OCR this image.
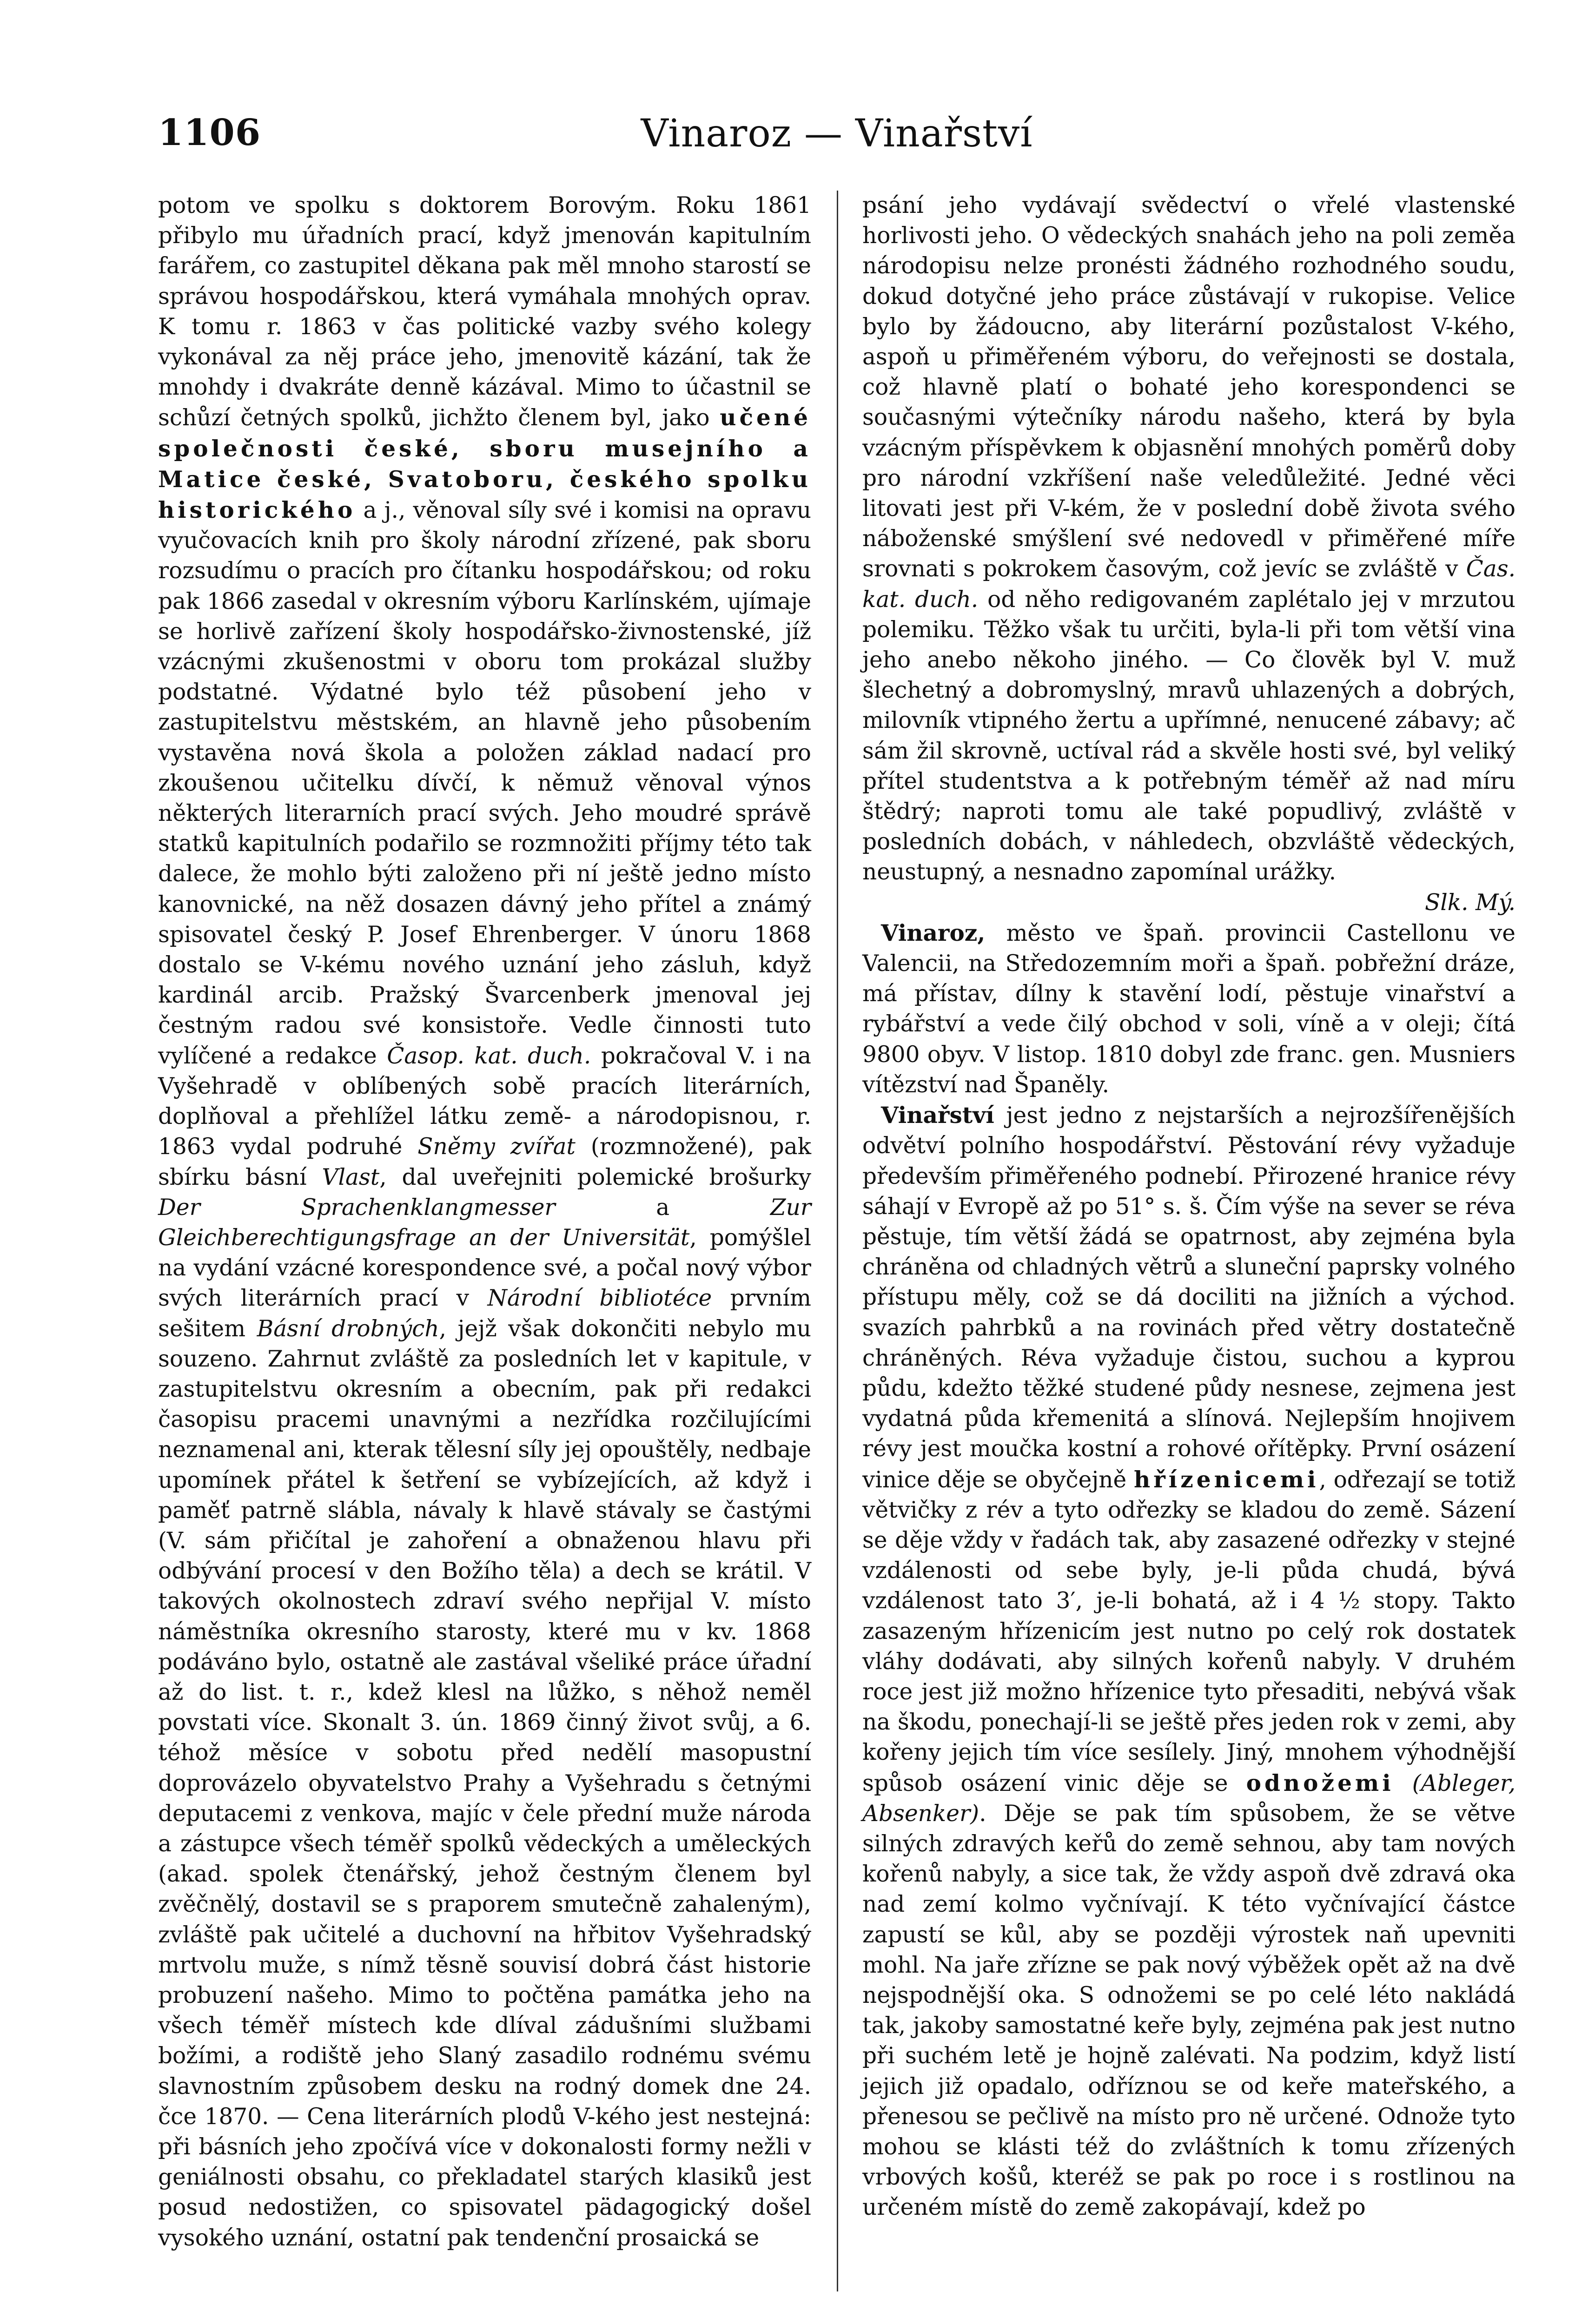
1106	Vinaroz — Vinařství

potom ve spolku s doktorem Borovým. Roku 1861 přibylo mu úřadních prací, když jmenován kapitulním farářem, co zastupitel děkana pak měl mnoho starostí se správou hospodářskou, která vymáhala mnohých oprav. K tomu r. 1863 v čas politické vazby svého kolegy vykonával za něj práce jeho, jmenovitě kázání, tak že mnohdy i dvakráte denně kázával. Mimo to účastnil se schůzí četných spolků, jichžto členem byl, jako učené společnosti české, sboru musejního a Matice české, Svatoboru, českého spolku historického a j., věnoval síly své i komisi na opravu vyučovacích knih pro školy národní zřízené, pak sboru rozsudímu o pracích pro čítanku hospodářskou; od roku pak 1866 zasedal v okresním výboru Karlínském, ujímaje se horlivě zařízení školy hospodářsko-živnostenské, jíž vzácnými zkušenostmi v oboru tom prokázal služby podstatné. Výdatné bylo též působení jeho v zastupitelstvu městském, an hlavně jeho působením vystavěna nová škola a položen základ nadací pro zkoušenou učitelku dívčí, k němuž věnoval výnos některých literarních prací svých. Jeho moudré správě statků kapitulních podařilo se rozmnožiti příjmy této tak dalece, že mohlo býti založeno při ní ještě jedno místo kanovnické, na něž dosazen dávný jeho přítel a známý spisovatel český P. Josef Ehrenberger. V únoru 1868 dostalo se V-kému nového uznání jeho zásluh, když kardinál arcib. Pražský Švarcenberk jmenoval jej čestným radou své konsistoře. Vedle činnosti tuto vylíčené a redakce Časop. kat. duch. pokračoval V. i na Vyšehradě v oblíbených sobě pracích literárních, doplňoval a přehlížel látku země- a národopisnou, r. 1863 vydal podruhé Sněmy zvířat (rozmnožené), pak sbírku básní Vlast, dal uveřejniti polemické brošurky Der Sprachenklangmesser	a	Zur Gleichberechtigungsfrage an der Universität, pomýšlel na vydání vzácné korespondence své, a počal nový výbor svých literárních prací v Národní bibliotéce prvním sešitem Básní drobných, jejž však dokončiti nebylo mu souzeno. Zahrnut zvláště za posledních let v kapitule, v zastupitelstvu okresním a obecním, pak při redakci časopisu pracemi unavnými a nezřídka rozčilujícími neznamenal ani, kterak tělesní síly jej opouštěly, nedbaje upomínek přátel k šetření se vybízejících, až když i paměť patrně slábla, návaly k hlavě stávaly se častými (V. sám přičítal je zahoření a obnaženou hlavu při odbývání procesí v den Božího těla) a dech se krátil. V takových okolnostech zdraví svého nepřijal V. místo náměstníka okresního starosty, které mu v kv. 1868 podáváno bylo, ostatně ale zastával všeliké práce úřadní až do list. t. r., kdež klesl na lůžko, s něhož neměl povstati více. Skonalt 3. ún. 1869 činný život svůj, a 6. téhož měsíce v sobotu před nedělí masopustní doprovázelo obyvatelstvo Prahy a Vyšehradu s četnými deputacemi z venkova, majíc v čele přední muže národa a zástupce všech téměř spolků vědeckých a uměleckých (akad. spolek čtenářský, jehož čestným členem byl zvěčnělý, dostavil se s praporem smutečně zahaleným), zvláště pak učitelé a duchovní na hřbitov Vyšehradský mrtvolu muže, s nímž těsně souvisí dobrá část historie probuzení našeho. Mimo to počtěna památka jeho na všech téměř místech kde dlíval zádušními službami božími, a rodiště jeho Slaný zasadilo rodnému svému slavnostním způsobem desku na rodný domek dne 24. čce 1870. — Cena literárních plodů V-kého jest nestejná: při básních jeho zpočívá více v dokonalosti formy nežli v geniálnosti obsahu, co překladatel starých klasiků jest posud nedostižen, co spisovatel pädagogický došel vysokého uznání, ostatní pak tendenční prosaická se

psání jeho vydávají svědectví o vřelé vlastenské horlivosti jeho. O vědeckých snahách jeho na poli zeměa národopisu nelze pronésti žádného rozhodného soudu, dokud dotyčné jeho práce zůstávají v rukopise. Velice bylo by žádoucno, aby literární pozůstalost V-kého, aspoň u přiměřeném výboru, do veřejnosti se dostala, což hlavně platí o bohaté jeho korespondenci se současnými výtečníky národu našeho, která by byla vzácným příspěvkem k objasnění mnohých poměrů doby pro národní vzkříšení naše veledůležité. Jedné věci litovati jest při V-kém, že v poslední době života svého náboženské smýšlení své nedovedl v přiměřené míře srovnati s pokrokem časovým, což jevíc se zvláště v Čas. kat. duch. od něho redigovaném zaplétalo jej v mrzutou polemiku. Těžko však tu určiti, byla-li při tom větší vina jeho anebo někoho jiného. — Co člověk byl V. muž šlechetný a dobromyslný, mravů uhlazených a dobrých, milovník vtipného žertu a upřímné, nenucené zábavy; ač sám žil skrovně, uctíval rád a skvěle hosti své, byl veliký přítel studentstva a k potřebným téměř až nad míru štědrý; naproti tomu ale také popudlivý, zvláště v posledních dobách, v náhledech, obzvláště vědeckých, neustupný, a nesnadno zapomínal urážky.

Slk. Mý.

Vinaroz, město ve špaň. provincii Castellonu ve Valencii, na Středozemním moři a špaň. pobřežní dráze, má přístav, dílny k stavění lodí, pěstuje vinařství a rybářství a vede čilý obchod v soli, víně a v oleji; čítá 9800 obyv. V listop. 1810 dobyl zde franc. gen. Musniers vítězství nad Španěly.

Vinařství jest jedno z nejstarších a nejrozšířenějších odvětví polního hospodářství. Pěstování révy vyžaduje především přiměřeného podnebí. Přirozené hranice révy sáhají v Evropě až po 51° s. š. Čím výše na sever se réva pěstuje, tím větší žádá se opatrnost, aby zejména byla chráněna od chladných větrů a sluneční paprsky volného přístupu měly, což se dá dociliti na jižních a východ. svazích pahrbků a na rovinách před větry dostatečně chráněných. Réva vyžaduje čistou, suchou a kyprou půdu, kdežto těžké studené půdy nesnese, zejmena jest vydatná půda křemenitá a slínová. Nejlepším hnojivem révy jest moučka kostní a rohové ořítěpky. První osázení vinice děje se obyčejně hřízenicemi, odřezají se totiž větvičky z rév a tyto odřezky se kladou do země. Sázení se děje vždy v řadách tak, aby zasazené odřezky v stejné vzdálenosti od sebe byly, je-li půda chudá, bývá vzdálenost tato 3′, je-li bohatá, až i 4 ½ stopy. Takto zasazeným hřízenicím jest nutno po celý rok dostatek vláhy dodávati, aby silných kořenů nabyly. V druhém roce jest již možno hřízenice tyto přesaditi, nebývá však na škodu, ponechají-li se ještě přes jeden rok v zemi, aby kořeny jejich tím více sesílely. Jiný, mnohem výhodnější spůsob osázení vinic děje se odnožemi (Ableger, Absenker). Děje se pak tím spůsobem, že se větve silných zdravých keřů do země sehnou, aby tam nových kořenů nabyly, a sice tak, že vždy aspoň dvě zdravá oka nad zemí kolmo vyčnívají. K této vyčnívající částce zapustí se kůl, aby se později výrostek naň upevniti mohl. Na jaře zřízne se pak nový výběžek opět až na dvě nejspodnější oka. S odnožemi se po celé léto nakládá tak, jakoby samostatné keře byly, zejména pak jest nutno při suchém letě je hojně zalévati. Na podzim, když listí jejich již opadalo, odříznou se od keře mateřského, a přenesou se pečlivě na místo pro ně určené. Odnože tyto mohou se klásti též do zvláštních k tomu zřízených vrbových košů, kteréž se pak po roce i s rostlinou na určeném místě do země zakopávají, kdež po
